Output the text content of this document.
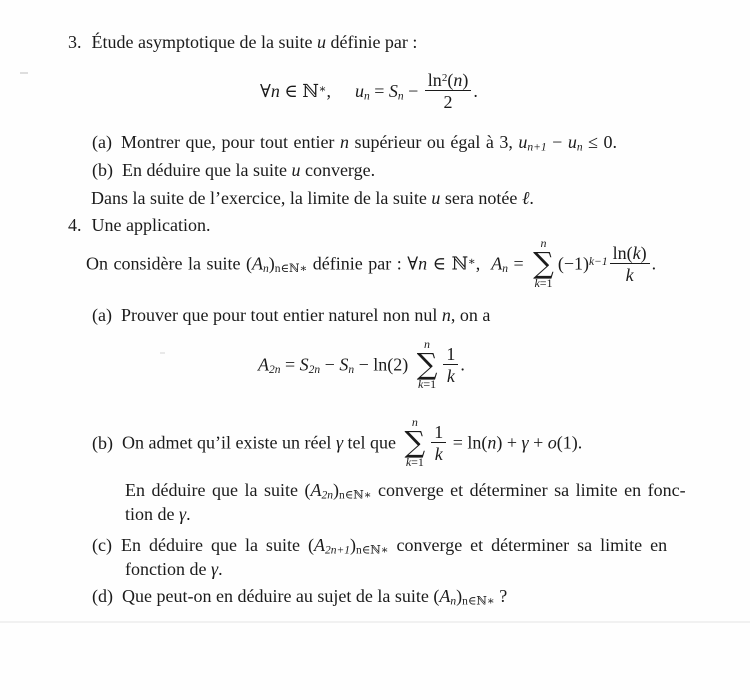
3. Étude asymptotique de la suite u définie par :
∀n ∈ ℕ∗, $u_n = S_n - \frac{\ln^2(n)}{2}$ .
(a) Montrer que, pour tout entier n supérieur ou égal à 3, $u_{n+1} - u_n \le 0$.
(b) En déduire que la suite u converge.
Dans la suite de l’exercice, la limite de la suite u sera notée ℓ.
4. Une application.
On considère la suite $(A_n)_{n\in ℕ∗}$ définie par : ∀n ∈ ℕ∗,  $A_n$ =
n
∑
k=1
$(-1)^{k-1} \frac{\ln(k)}{k}$ .
(a) Prouver que pour tout entier naturel non nul n, on a
$A_{2n} = S_{2n} - S_n - \ln(2)$
n
∑
$k=1 \frac{1}{k}$ .
(b) On admet qu’il existe un réel γ tel que
n
∑
$k=1 \frac{1}{k} = \ln(n) + \gamma + o(1)$.
En déduire que la suite $(A_{2n})_{n\in ℕ∗}$ converge et déterminer sa limite en fonc-
tion de γ.
(c) En déduire que la suite $(A_{2n+1})_{n\in ℕ∗}$ converge et déterminer sa limite en
fonction de γ.
(d) Que peut-on en déduire au sujet de la suite $(A_n)_{n\in ℕ∗}$ ?
